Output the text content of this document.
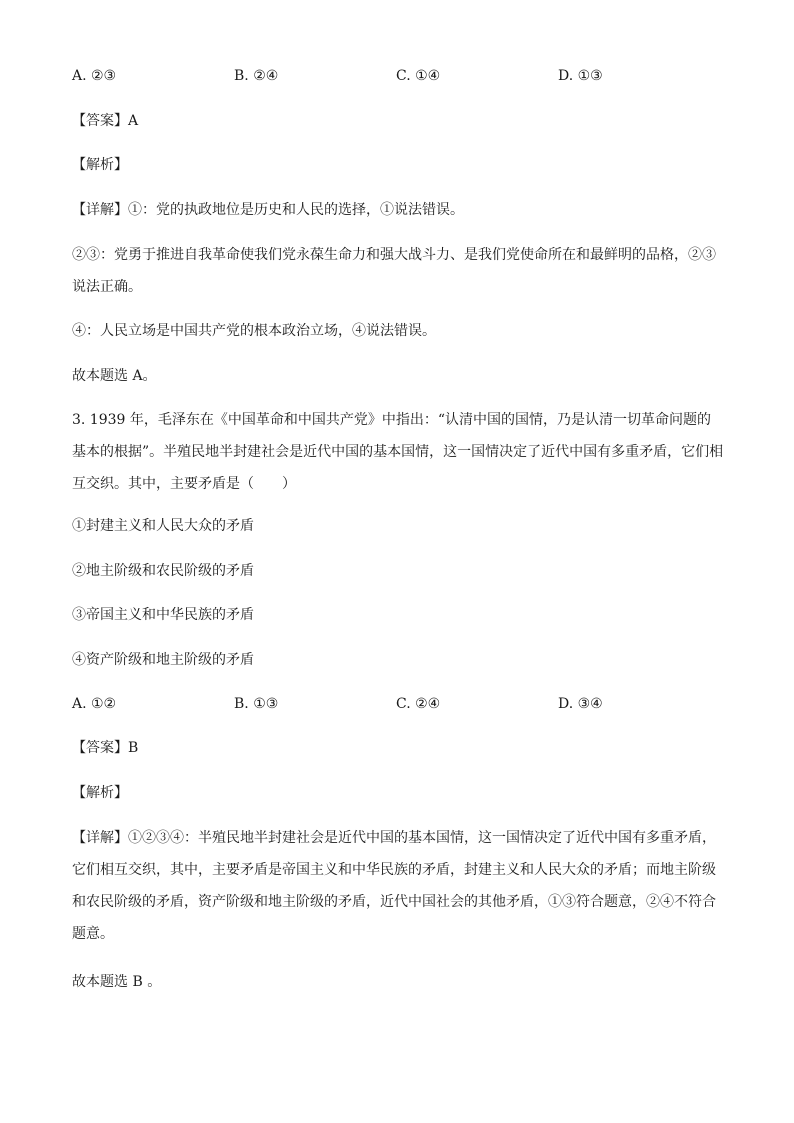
A. ②③	B. ②④	C. ①④	D. ①③
【答案】A
【解析】
【详解】①：党的执政地位是历史和人民的选择，①说法错误。
②③：党勇于推进自我革命使我们党永葆生命力和强大战斗力、是我们党使命所在和最鲜明的品格，②③说法正确。
④：人民立场是中国共产党的根本政治立场，④说法错误。
故本题选 A。
3. 1939 年，毛泽东在《中国革命和中国共产党》中指出：“认清中国的国情，乃是认清一切革命问题的基本的根据”。半殖民地半封建社会是近代中国的基本国情，这一国情决定了近代中国有多重矛盾，它们相互交织。其中，主要矛盾是（　　）
①封建主义和人民大众的矛盾
②地主阶级和农民阶级的矛盾
③帝国主义和中华民族的矛盾
④资产阶级和地主阶级的矛盾
A. ①②	B. ①③	C. ②④	D. ③④
【答案】B
【解析】
【详解】①②③④：半殖民地半封建社会是近代中国的基本国情，这一国情决定了近代中国有多重矛盾，它们相互交织，其中，主要矛盾是帝国主义和中华民族的矛盾，封建主义和人民大众的矛盾；而地主阶级和农民阶级的矛盾，资产阶级和地主阶级的矛盾，近代中国社会的其他矛盾，①③符合题意，②④不符合题意。
故本题选 B 。
